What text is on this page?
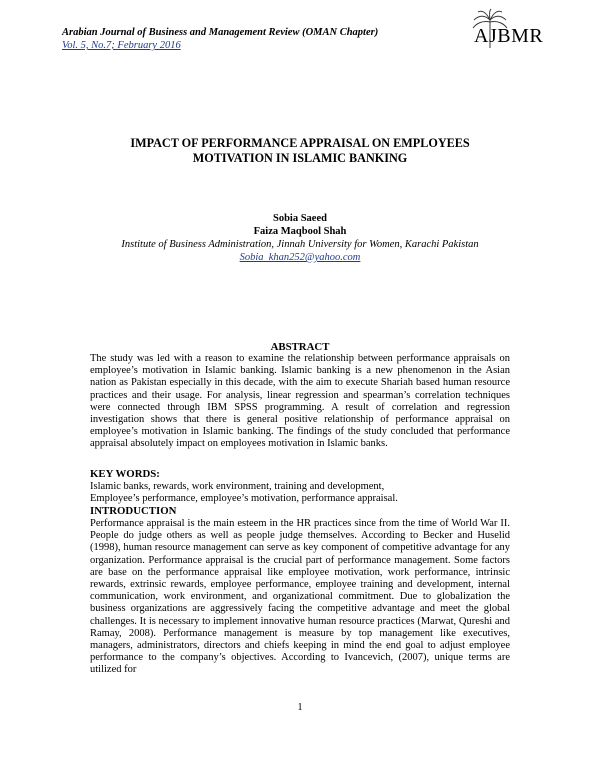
Arabian Journal of Business and Management Review (OMAN Chapter)
Vol. 5, No.7; February 2016	AJBMR
IMPACT OF PERFORMANCE APPRAISAL ON EMPLOYEES
MOTIVATION IN ISLAMIC BANKING
Sobia Saeed
Faiza Maqbool Shah
Institute of Business Administration, Jinnah University for Women, Karachi Pakistan
Sobia_khan252@yahoo.com
ABSTRACT

The study was led with a reason to examine the relationship between performance appraisals on employee’s motivation in Islamic banking. Islamic banking is a new phenomenon in the Asian nation as Pakistan especially in this decade, with the aim to execute Shariah based human resource practices and their usage. For analysis, linear regression and spearman’s correlation techniques were connected through IBM SPSS programming. A result of correlation and regression investigation shows that there is general positive relationship of performance appraisal on employee’s motivation in Islamic banking. The findings of the study concluded that performance appraisal absolutely impact on employees motivation in Islamic banks.

KEY WORDS:
Islamic banks, rewards, work environment, training and development,
Employee’s performance, employee’s motivation, performance appraisal.
INTRODUCTION

Performance appraisal is the main esteem in the HR practices since from the time of World War II. People do judge others as well as people judge themselves. According to Becker and Huselid (1998), human resource management can serve as key component of competitive advantage for any organization. Performance appraisal is the crucial part of performance management. Some factors are base on the performance appraisal like employee motivation, work performance, intrinsic rewards, extrinsic rewards, employee performance, employee training and development, internal communication, work environment, and organizational commitment. Due to globalization the business organizations are aggressively facing the competitive advantage and meet the global challenges. It is necessary to implement innovative human resource practices (Marwat, Qureshi and Ramay, 2008). Performance management is measure by top management like executives, managers, administrators, directors and chiefs keeping in mind the end goal to adjust employee performance to the company’s objectives. According to Ivancevich, (2007), unique terms are utilized for

1
